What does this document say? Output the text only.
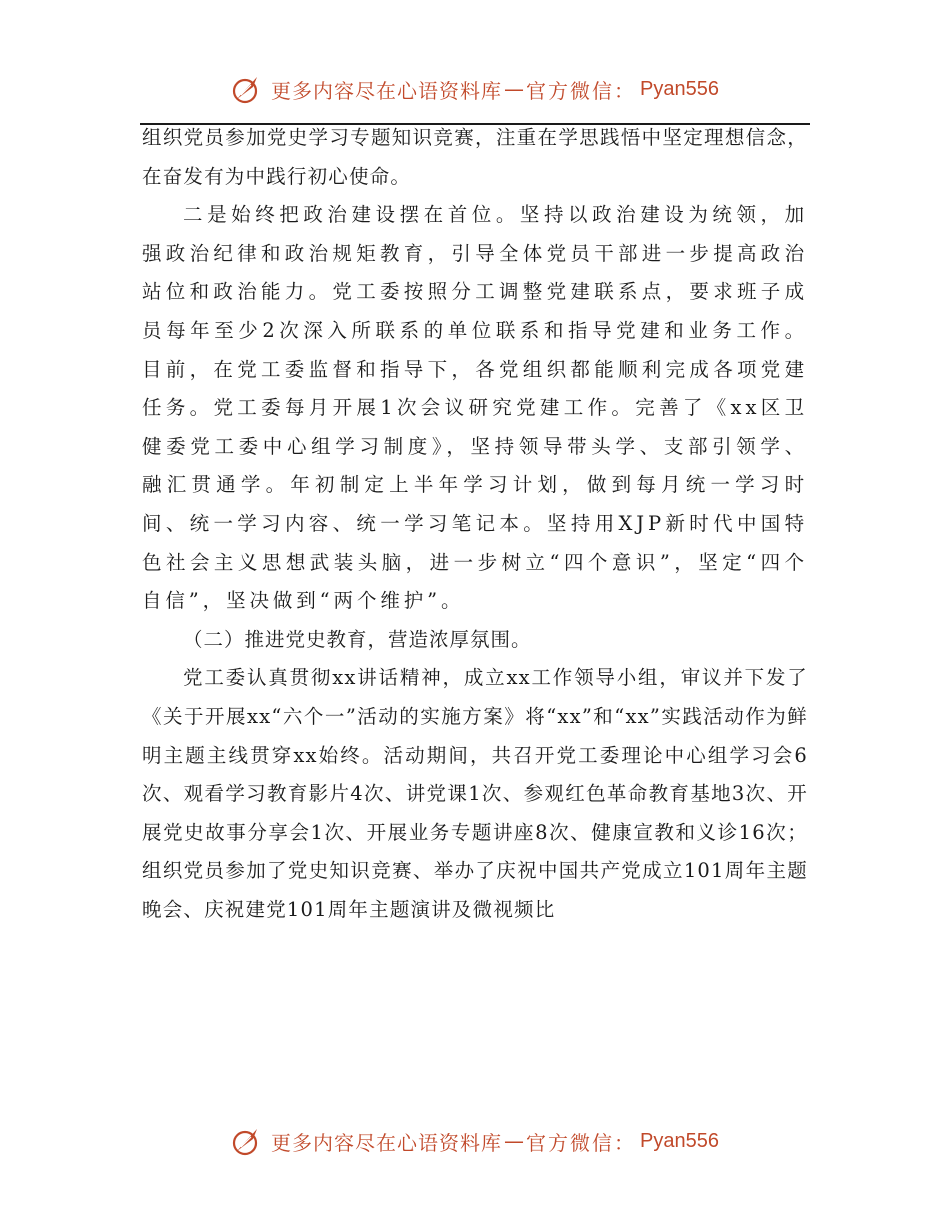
更多内容尽在心语资料库 — 官方微信： Pyan556

组织党员参加党史学习专题知识竞赛，注重在学思践悟中坚定理想信念，在奋发有为中践行初心使命。

二是始终把政治建设摆在首位。坚持以政治建设为统领，加强政治纪律和政治规矩教育，引导全体党员干部进一步提高政治站位和政治能力。党工委按照分工调整党建联系点，要求班子成员每年至少2次深入所联系的单位联系和指导党建和业务工作。目前，在党工委监督和指导下，各党组织都能顺利完成各项党建任务。党工委每月开展1次会议研究党建工作。完善了《xx区卫健委党工委中心组学习制度》，坚持领导带头学、支部引领学、融汇贯通学。年初制定上半年学习计划，做到每月统一学习时间、统一学习内容、统一学习笔记本。坚持用XJP新时代中国特色社会主义思想武装头脑，进一步树立“四个意识”，坚定“四个自信”，坚决做到“两个维护”。

（二）推进党史教育，营造浓厚氛围。

党工委认真贯彻xx讲话精神，成立xx工作领导小组，审议并下发了《关于开展xx“六个一”活动的实施方案》将“xx”和“xx”实践活动作为鲜明主题主线贯穿xx始终。活动期间，共召开党工委理论中心组学习会6次、观看学习教育影片4次、讲党课1次、参观红色革命教育基地3次、开展党史故事分享会1次、开展业务专题讲座8次、健康宣教和义诊16次；组织党员参加了党史知识竞赛、举办了庆祝中国共产党成立101周年主题晚会、庆祝建党101周年主题演讲及微视频比

更多内容尽在心语资料库 — 官方微信： Pyan556
